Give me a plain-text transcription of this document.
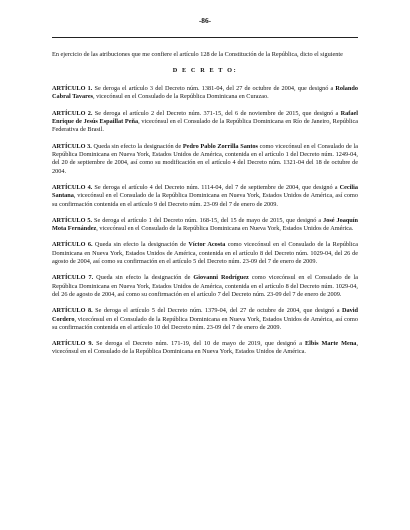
-86-

En ejercicio de las atribuciones que me confiere el artículo 128 de la Constitución de la República, dicto el siguiente

D E C R E T O:

ARTÍCULO 1. Se deroga el artículo 3 del Decreto núm. 1381-04, del 27 de octubre de 2004, que designó a Rolando Cabral Tavares, vicecónsul en el Consulado de la República Dominicana en Curazao.

ARTÍCULO 2. Se deroga el artículo 2 del Decreto núm. 371-15, del 6 de noviembre de 2015, que designó a Rafael Enrique de Jesús Espaillat Peña, vicecónsul en el Consulado de la República Dominicana en Río de Janeiro, República Federativa de Brasil.

ARTÍCULO 3. Queda sin efecto la designación de Pedro Pablo Zorrilla Santos como vicecónsul en el Consulado de la República Dominicana en Nueva York, Estados Unidos de América, contenida en el artículo 1 del Decreto núm. 1249-04, del 20 de septiembre de 2004, así como su modificación en el artículo 4 del Decreto núm. 1321-04 del 18 de octubre de 2004.

ARTÍCULO 4. Se deroga el artículo 4 del Decreto núm. 1114-04, del 7 de septiembre de 2004, que designó a Cecilia Santana, vicecónsul en el Consulado de la República Dominicana en Nueva York, Estados Unidos de América, así como su confirmación contenida en el artículo 9 del Decreto núm. 23-09 del 7 de enero de 2009.

ARTÍCULO 5. Se deroga el artículo 1 del Decreto núm. 168-15, del 15 de mayo de 2015, que designó a José Joaquín Mota Fernández, vicecónsul en el Consulado de la República Dominicana en Nueva York, Estados Unidos de América.

ARTÍCULO 6. Queda sin efecto la designación de Víctor Acosta como vicecónsul en el Consulado de la República Dominicana en Nueva York, Estados Unidos de América, contenida en el artículo 8 del Decreto núm. 1029-04, del 26 de agosto de 2004, así como su confirmación en el artículo 5 del Decreto núm. 23-09 del 7 de enero de 2009.

ARTÍCULO 7. Queda sin efecto la designación de Giovanni Rodríguez como vicecónsul en el Consulado de la República Dominicana en Nueva York, Estados Unidos de América, contenida en el artículo 8 del Decreto núm. 1029-04, del 26 de agosto de 2004, así como su confirmación en el artículo 7 del Decreto núm. 23-09 del 7 de enero de 2009.

ARTÍCULO 8. Se deroga el artículo 5 del Decreto núm. 1379-04, del 27 de octubre de 2004, que designó a David Cordero, vicecónsul en el Consulado de la República Dominicana en Nueva York, Estados Unidos de América, así como su confirmación contenida en el artículo 10 del Decreto núm. 23-09 del 7 de enero de 2009.

ARTÍCULO 9. Se deroga el Decreto núm. 171-19, del 10 de mayo de 2019, que designó a Elbis Marte Mena, vicecónsul en el Consulado de la República Dominicana en Nueva York, Estados Unidos de América.
